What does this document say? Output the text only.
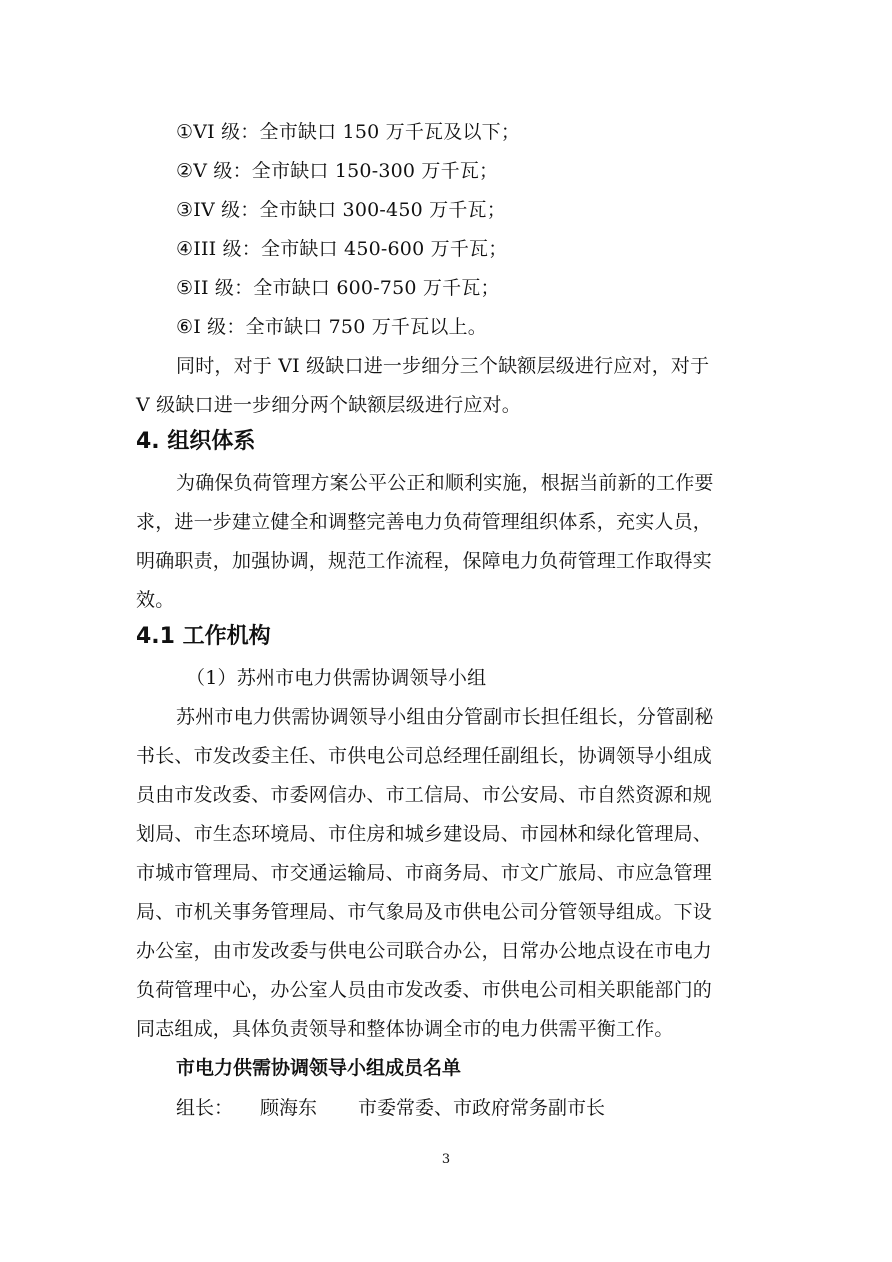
①VI 级：全市缺口 150 万千瓦及以下；
②V 级：全市缺口 150-300 万千瓦；
③IV 级：全市缺口 300-450 万千瓦；
④III 级：全市缺口 450-600 万千瓦；
⑤II 级：全市缺口 600-750 万千瓦；
⑥I 级：全市缺口 750 万千瓦以上。
同时，对于 VI 级缺口进一步细分三个缺额层级进行应对，对于
V 级缺口进一步细分两个缺额层级进行应对。
4. 组织体系
为确保负荷管理方案公平公正和顺利实施，根据当前新的工作要
求，进一步建立健全和调整完善电力负荷管理组织体系，充实人员，
明确职责，加强协调，规范工作流程，保障电力负荷管理工作取得实
效。
4.1 工作机构
（1）苏州市电力供需协调领导小组
苏州市电力供需协调领导小组由分管副市长担任组长，分管副秘
书长、市发改委主任、市供电公司总经理任副组长，协调领导小组成
员由市发改委、市委网信办、市工信局、市公安局、市自然资源和规
划局、市生态环境局、市住房和城乡建设局、市园林和绿化管理局、
市城市管理局、市交通运输局、市商务局、市文广旅局、市应急管理
局、市机关事务管理局、市气象局及市供电公司分管领导组成。下设
办公室，由市发改委与供电公司联合办公，日常办公地点设在市电力
负荷管理中心，办公室人员由市发改委、市供电公司相关职能部门的
同志组成，具体负责领导和整体协调全市的电力供需平衡工作。
市电力供需协调领导小组成员名单
组长： 顾海东 市委常委、市政府常务副市长
3
